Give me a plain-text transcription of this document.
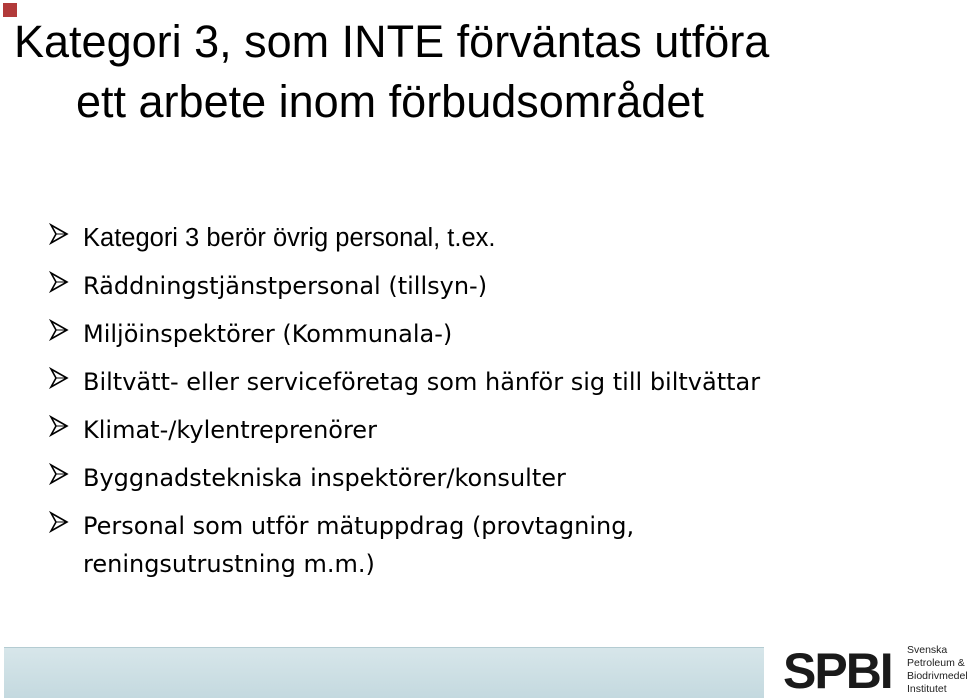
Kategori 3, som INTE förväntas utföra
ett arbete inom förbudsområdet
Kategori 3 berör övrig personal, t.ex.
Räddningstjänstpersonal (tillsyn-)
Miljöinspektörer (Kommunala-)
Biltvätt- eller serviceföretag som hänför sig till biltvättar
Klimat-/kylentreprenörer
Byggnadstekniska inspektörer/konsulter
Personal som utför mätuppdrag (provtagning,
reningsutrustning m.m.)
SPBI Svenska
Petroleum &
Biodrivmedel
Institutet
